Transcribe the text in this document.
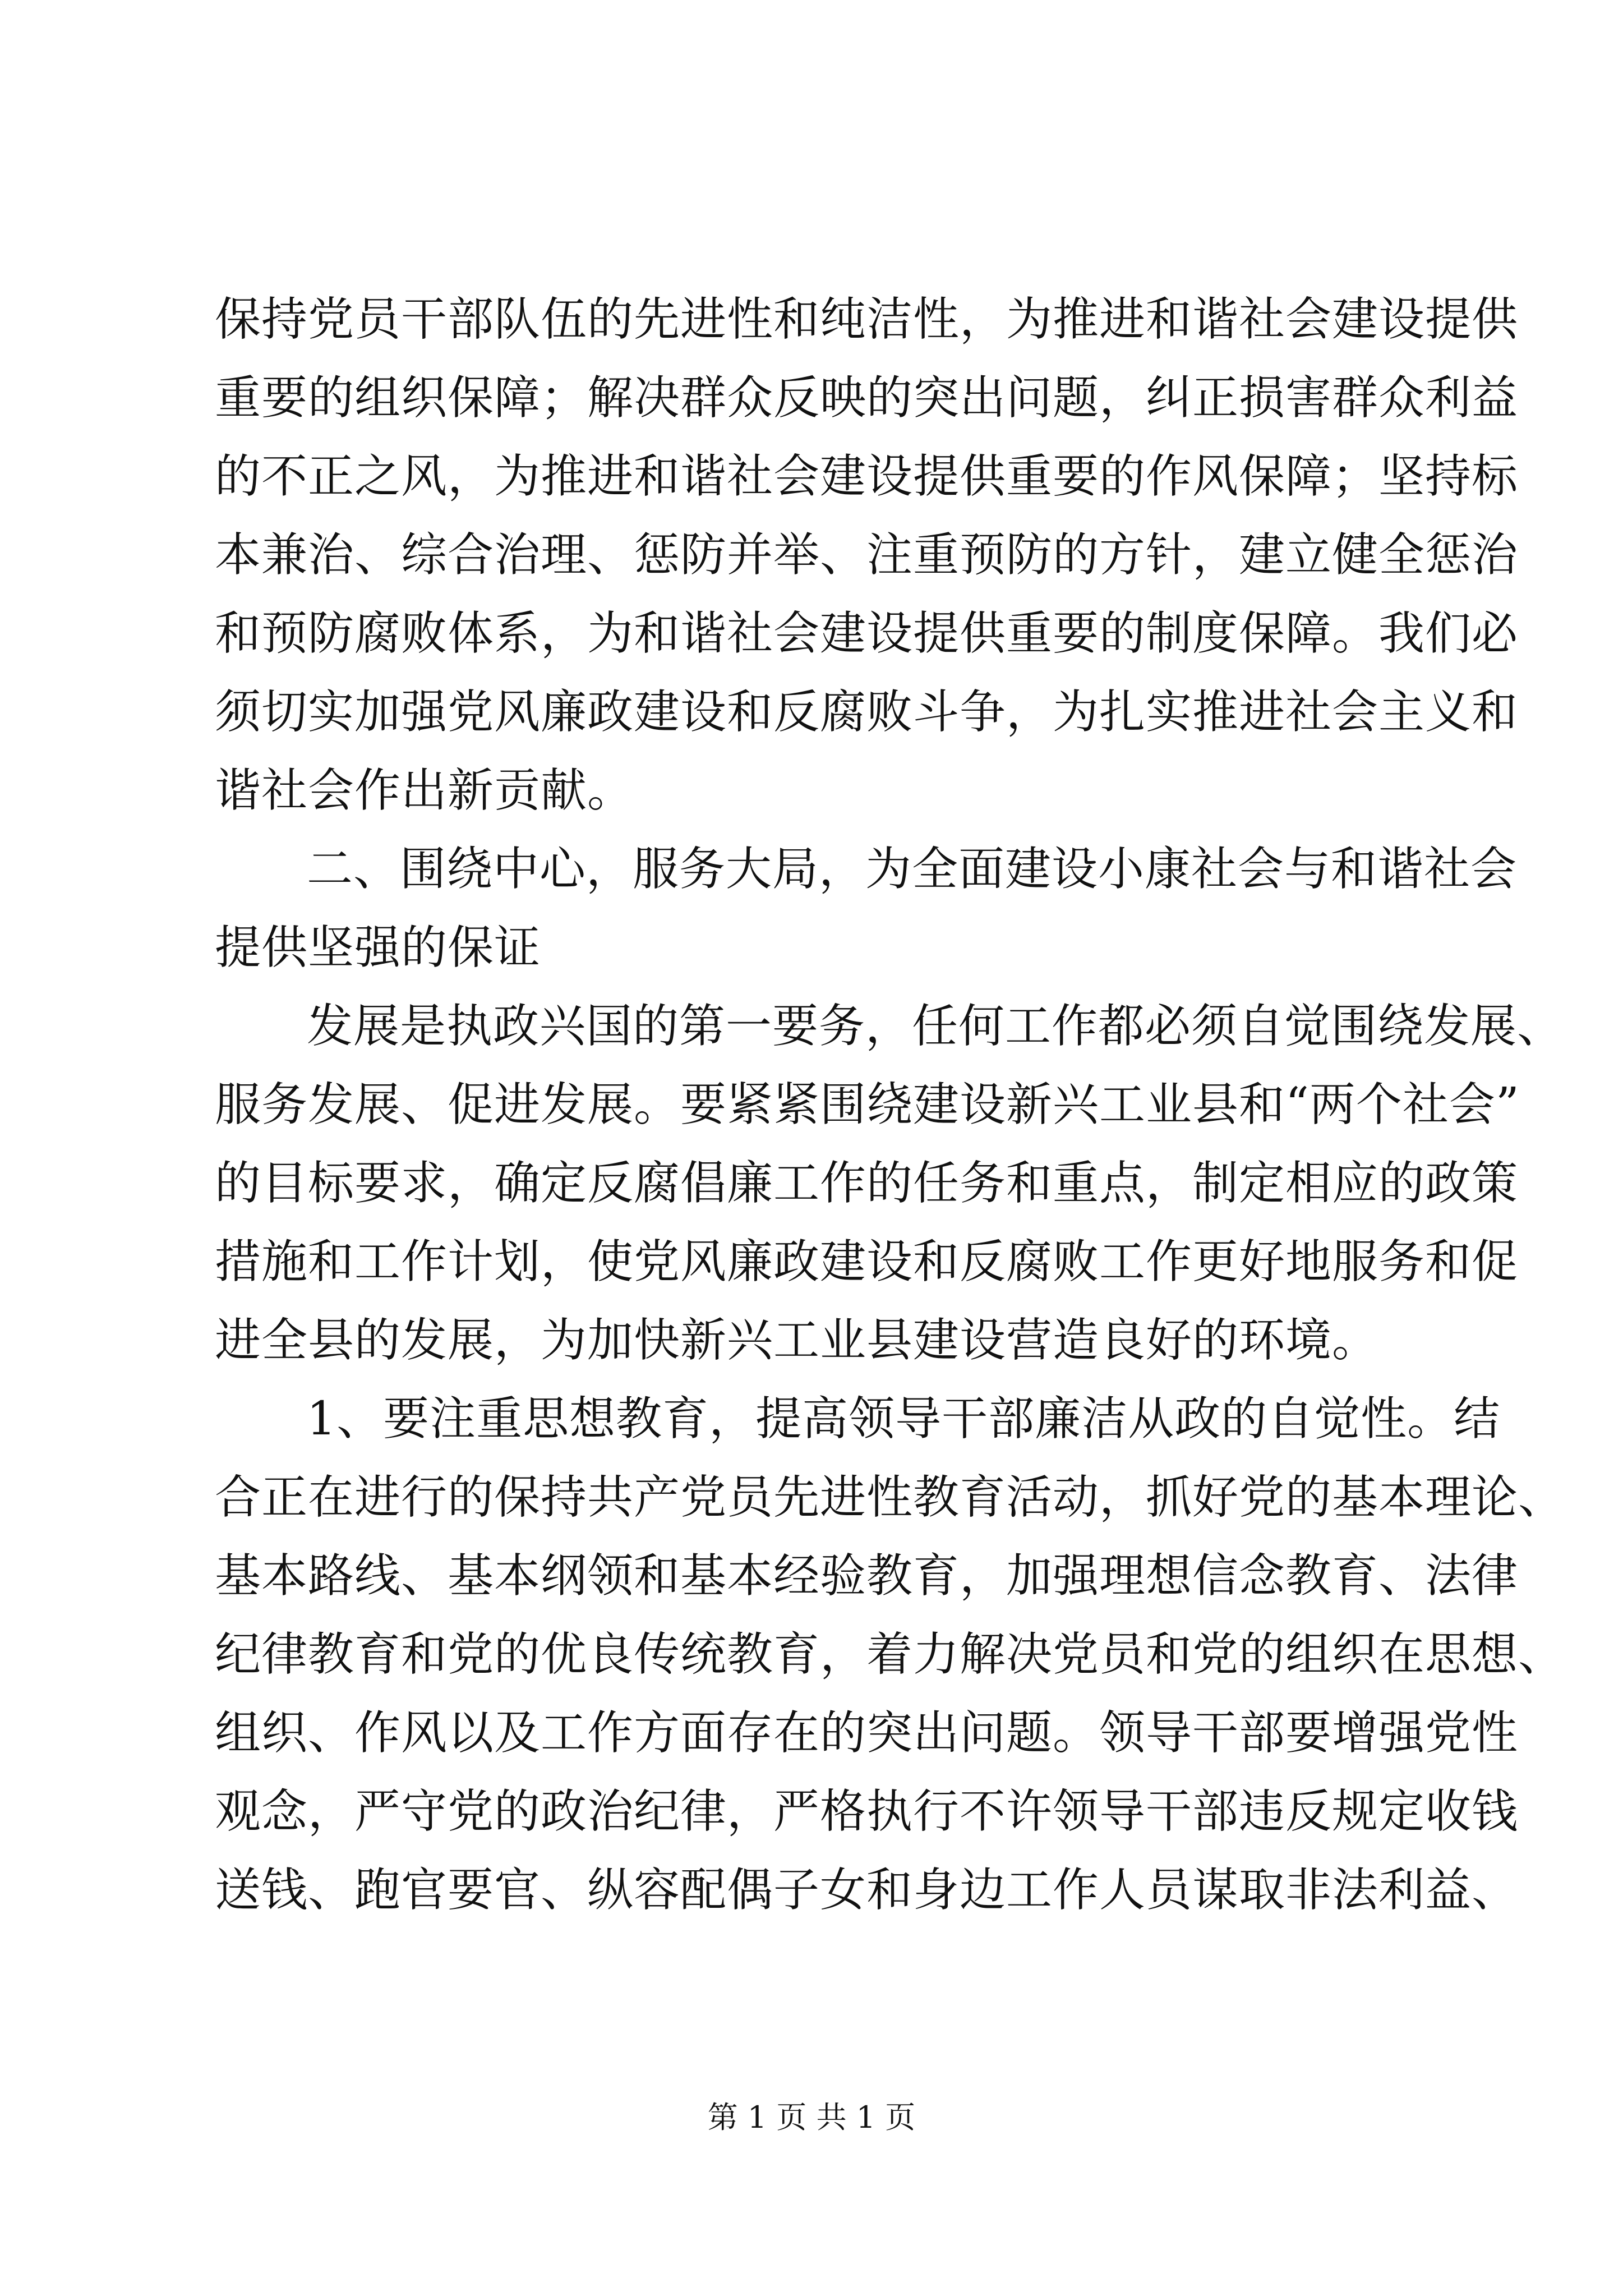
保持党员干部队伍的先进性和纯洁性，为推进和谐社会建设提供
重要的组织保障；解决群众反映的突出问题，纠正损害群众利益
的不正之风，为推进和谐社会建设提供重要的作风保障；坚持标
本兼治、综合治理、惩防并举、注重预防的方针，建立健全惩治
和预防腐败体系，为和谐社会建设提供重要的制度保障。我们必
须切实加强党风廉政建设和反腐败斗争，为扎实推进社会主义和
谐社会作出新贡献。
二、围绕中心，服务大局，为全面建设小康社会与和谐社会
提供坚强的保证
发展是执政兴国的第一要务，任何工作都必须自觉围绕发展、
服务发展、促进发展。要紧紧围绕建设新兴工业县和“两个社会”
的目标要求，确定反腐倡廉工作的任务和重点，制定相应的政策
措施和工作计划，使党风廉政建设和反腐败工作更好地服务和促
进全县的发展，为加快新兴工业县建设营造良好的环境。
1、要注重思想教育，提高领导干部廉洁从政的自觉性。结
合正在进行的保持共产党员先进性教育活动，抓好党的基本理论、
基本路线、基本纲领和基本经验教育，加强理想信念教育、法律
纪律教育和党的优良传统教育，着力解决党员和党的组织在思想、
组织、作风以及工作方面存在的突出问题。领导干部要增强党性
观念，严守党的政治纪律，严格执行不许领导干部违反规定收钱
送钱、跑官要官、纵容配偶子女和身边工作人员谋取非法利益、
第 1 页 共 1 页
